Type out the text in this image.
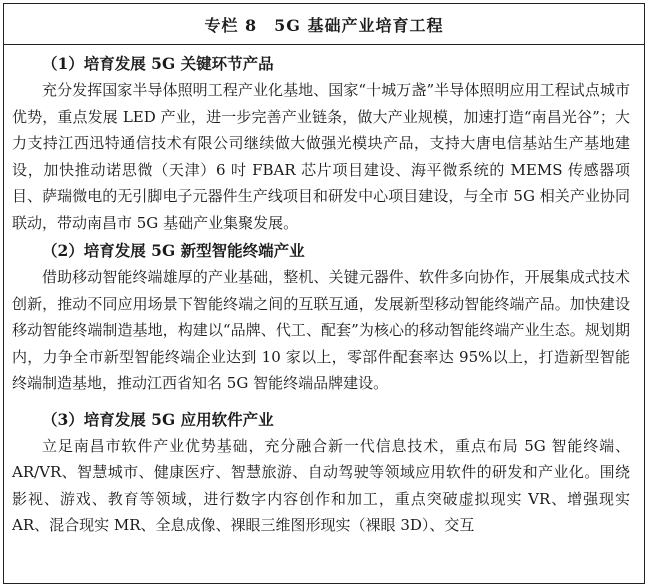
专栏 8　5G 基础产业培育工程
（1）培育发展 5G 关键环节产品

充分发挥国家半导体照明工程产业化基地、国家“十城万盏”半导体照明应用工程试点城市优势，重点发展 LED 产业，进一步完善产业链条，做大产业规模，加速打造“南昌光谷”；大力支持江西迅特通信技术有限公司继续做大做强光模块产品，支持大唐电信基站生产基地建设，加快推动诺思微（天津）6 吋 FBAR 芯片项目建设、海平微系统的 MEMS 传感器项目、萨瑞微电的无引脚电子元器件生产线项目和研发中心项目建设，与全市 5G 相关产业协同联动，带动南昌市 5G 基础产业集聚发展。

（2）培育发展 5G 新型智能终端产业

借助移动智能终端雄厚的产业基础，整机、关键元器件、软件多向协作，开展集成式技术创新，推动不同应用场景下智能终端之间的互联互通，发展新型移动智能终端产品。加快建设移动智能终端制造基地，构建以“品牌、代工、配套”为核心的移动智能终端产业生态。规划期内，力争全市新型智能终端企业达到 10 家以上，零部件配套率达 95%以上，打造新型智能终端制造基地，推动江西省知名 5G 智能终端品牌建设。

（3）培育发展 5G 应用软件产业

立足南昌市软件产业优势基础，充分融合新一代信息技术，重点布局 5G 智能终端、AR/VR、智慧城市、健康医疗、智慧旅游、自动驾驶等领域应用软件的研发和产业化。围绕影视、游戏、教育等领域，进行数字内容创作和加工，重点突破虚拟现实 VR、增强现实 AR、混合现实 MR、全息成像、裸眼三维图形现实（裸眼 3D）、交互
